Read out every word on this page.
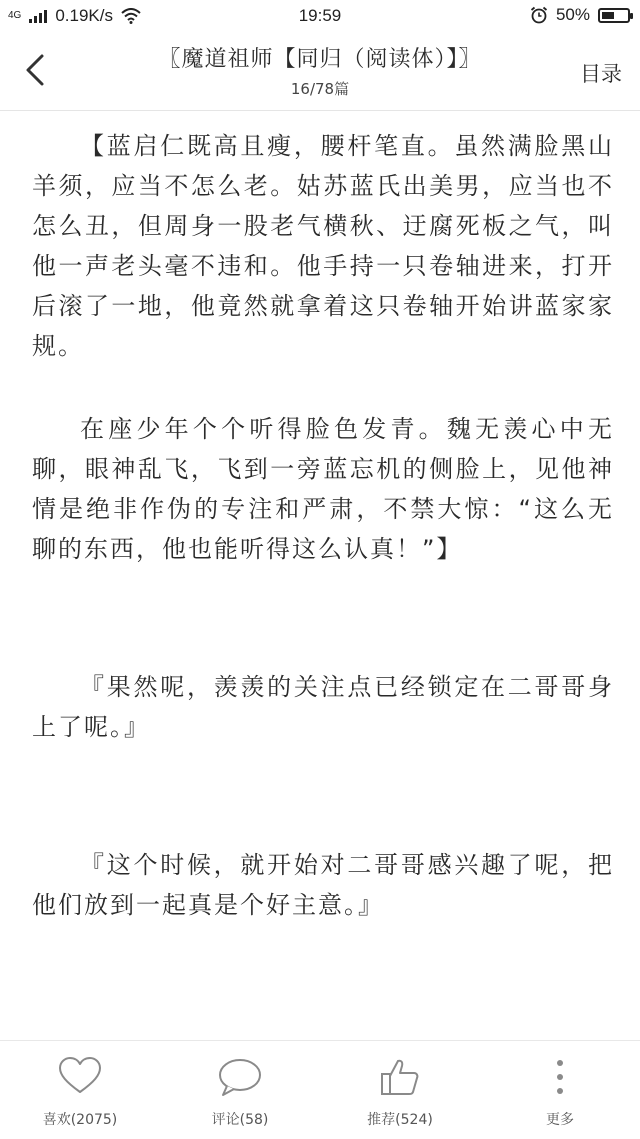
4G 0.19K/s	19:59	50%
〖魔道祖师【同归（阅读体）】〗
16/78篇
目录

【蓝启仁既高且瘦，腰杆笔直。虽然满脸黑山羊须，应当不怎么老。姑苏蓝氏出美男，应当也不怎么丑，但周身一股老气横秋、迂腐死板之气，叫他一声老头毫不违和。他手持一只卷轴进来，打开后滚了一地，他竟然就拿着这只卷轴开始讲蓝家家规。

在座少年个个听得脸色发青。魏无羡心中无聊，眼神乱飞，飞到一旁蓝忘机的侧脸上，见他神情是绝非作伪的专注和严肃，不禁大惊：“这么无聊的东西，他也能听得这么认真！”】

『果然呢，羡羡的关注点已经锁定在二哥哥身上了呢。』

『这个时候，就开始对二哥哥感兴趣了呢，把他们放到一起真是个好主意。』

喜欢(2075)	评论(58)	推荐(524)	更多
